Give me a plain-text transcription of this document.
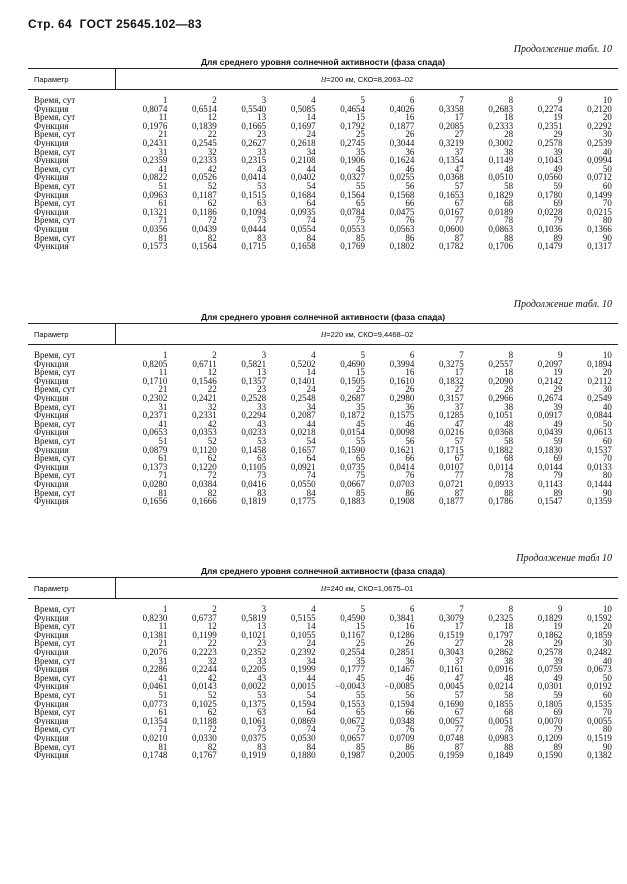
Стр. 64 ГОСТ 25645.102—83
Продолжение табл. 10
Для среднего уровня солнечной активности (фаза спада)
Параметр	H=200 км, СКО=8,2063–02
Время, сут	1	2	3	4	5	6	7	8	9	10
Функция	0,8074	0,6514	0,5540	0,5085	0,4654	0,4026	0,3358	0,2683	0,2274	0,2120
Время, сут	11	12	13	14	15	16	17	18	19	20
Функция	0,1976	0,1839	0,1665	0,1697	0,1792	0,1877	0,2085	0,2333	0,2351	0,2292
Время, сут	21	22	23	24	25	26	27	28	29	30
Функция	0,2431	0,2545	0,2627	0,2618	0,2745	0,3044	0,3219	0,3002	0,2578	0,2539
Время, сут	31	32	33	34	35	36	37	38	39	40
Функция	0,2359	0,2333	0,2315	0,2108	0,1906	0,1624	0,1354	0,1149	0,1043	0,0994
Время, сут	41	42	43	44	45	46	47	48	49	50
Функция	0,0822	0,0526	0,0414	0,0402	0,0327	0,0255	0,0368	0,0510	0,0560	0,0712
Время, сут	51	52	53	54	55	56	57	58	59	60
Функция	0,0963	0,1187	0,1515	0,1684	0,1564	0,1568	0,1653	0,1829	0,1780	0,1499
Время, сут	61	62	63	64	65	66	67	68	69	70
Функция	0,1321	0,1186	0,1094	0,0935	0,0784	0,0475	0,0167	0,0189	0,0228	0,0215
Время, сут	71	72	73	74	75	76	77	78	79	80
Функция	0,0356	0,0439	0,0444	0,0554	0,0553	0,0563	0,0600	0,0863	0,1036	0,1366
Время, сут	81	82	83	84	85	86	87	88	89	90
Функция	0,1573	0,1564	0,1715	0,1658	0,1769	0,1802	0,1782	0,1706	0,1479	0,1317
Продолжение табл. 10
Для среднего уровня солнечной активности (фаза спада)
Параметр	H=220 км, СКО=9,4468–02
Время, сут	1	2	3	4	5	6	7	8	9	10
Функция	0,8205	0,6711	0,5821	0,5202	0,4690	0,3994	0,3275	0,2557	0,2097	0,1894
Время, сут	11	12	13	14	15	16	17	18	19	20
Функция	0,1710	0,1546	0,1357	0,1401	0,1505	0,1610	0,1832	0,2090	0,2142	0,2112
Время, сут	21	22	23	24	25	26	27	28	29	30
Функция	0,2302	0,2421	0,2528	0,2548	0,2687	0,2980	0,3157	0,2966	0,2674	0,2549
Время, сут	31	32	33	34	35	36	37	38	39	40
Функция	0,2371	0,2331	0,2294	0,2087	0,1872	0,1575	0,1285	0,1051	0,0917	0,0844
Время, сут	41	42	43	44	45	46	47	48	49	50
Функция	0,0653	0,0353	0,0233	0,0218	0,0154	0,0098	0,0216	0,0368	0,0439	0,0613
Время, сут	51	52	53	54	55	56	57	58	59	60
Функция	0,0879	0,1120	0,1458	0,1657	0,1590	0,1621	0,1715	0,1882	0,1830	0,1537
Время, сут	61	62	63	64	65	66	67	68	69	70
Функция	0,1373	0,1220	0,1105	0,0921	0,0735	0,0414	0,0107	0,0114	0,0144	0,0133
Время, сут	71	72	73	74	75	76	77	78	79	80
Функция	0,0280	0,0384	0,0416	0,0550	0,0667	0,0703	0,0721	0,0933	0,1143	0,1444
Время, сут	81	82	83	84	85	86	87	88	89	90
Функция	0,1656	0,1666	0,1819	0,1775	0,1883	0,1908	0,1877	0,1786	0,1547	0,1359
Продолжение табл 10
Для среднего уровня солнечной активности (фаза спада)
Параметр	H=240 км, СКО=1,0675–01
Время, сут	1	2	3	4	5	6	7	8	9	10
Функция	0,8230	0,6737	0,5819	0,5155	0,4590	0,3841	0,3079	0,2325	0,1829	0,1592
Время, сут	11	12	13	14	15	16	17	18	19	20
Функция	0,1381	0,1199	0,1021	0,1055	0,1167	0,1286	0,1519	0,1797	0,1862	0,1859
Время, сут	21	22	23	24	25	26	27	28	29	30
Функция	0,2076	0,2223	0,2352	0,2392	0,2554	0,2851	0,3043	0,2862	0,2578	0,2482
Время, сут	31	32	33	34	35	36	37	38	39	40
Функция	0,2286	0,2244	0,2205	0,1999	0,1777	0,1467	0,1161	0,0916	0,0759	0,0673
Время, сут	41	42	43	44	45	46	47	48	49	50
Функция	0,0461	0,0143	0,0022	0,0015	−0,0043	−0,0085	0,0045	0,0214	0,0301	0,0192
Время, сут	51	52	53	54	55	56	57	58	59	60
Функция	0,0773	0,1025	0,1375	0,1594	0,1553	0,1594	0,1690	0,1855	0,1805	0,1535
Время, сут	61	62	63	64	65	66	67	68	69	70
Функция	0,1354	0,1188	0,1061	0,0869	0,0672	0,0348	0,0057	0,0051	0,0070	0,0055
Время, сут	71	72	73	74	75	76	77	78	79	80
Функция	0,0210	0,0330	0,0375	0,0530	0,0657	0,0709	0,0748	0,0983	0,1209	0,1519
Время, сут	81	82	83	84	85	86	87	88	89	90
Функция	0,1748	0,1767	0,1919	0,1880	0,1987	0,2005	0,1959	0,1849	0,1590	0,1382
